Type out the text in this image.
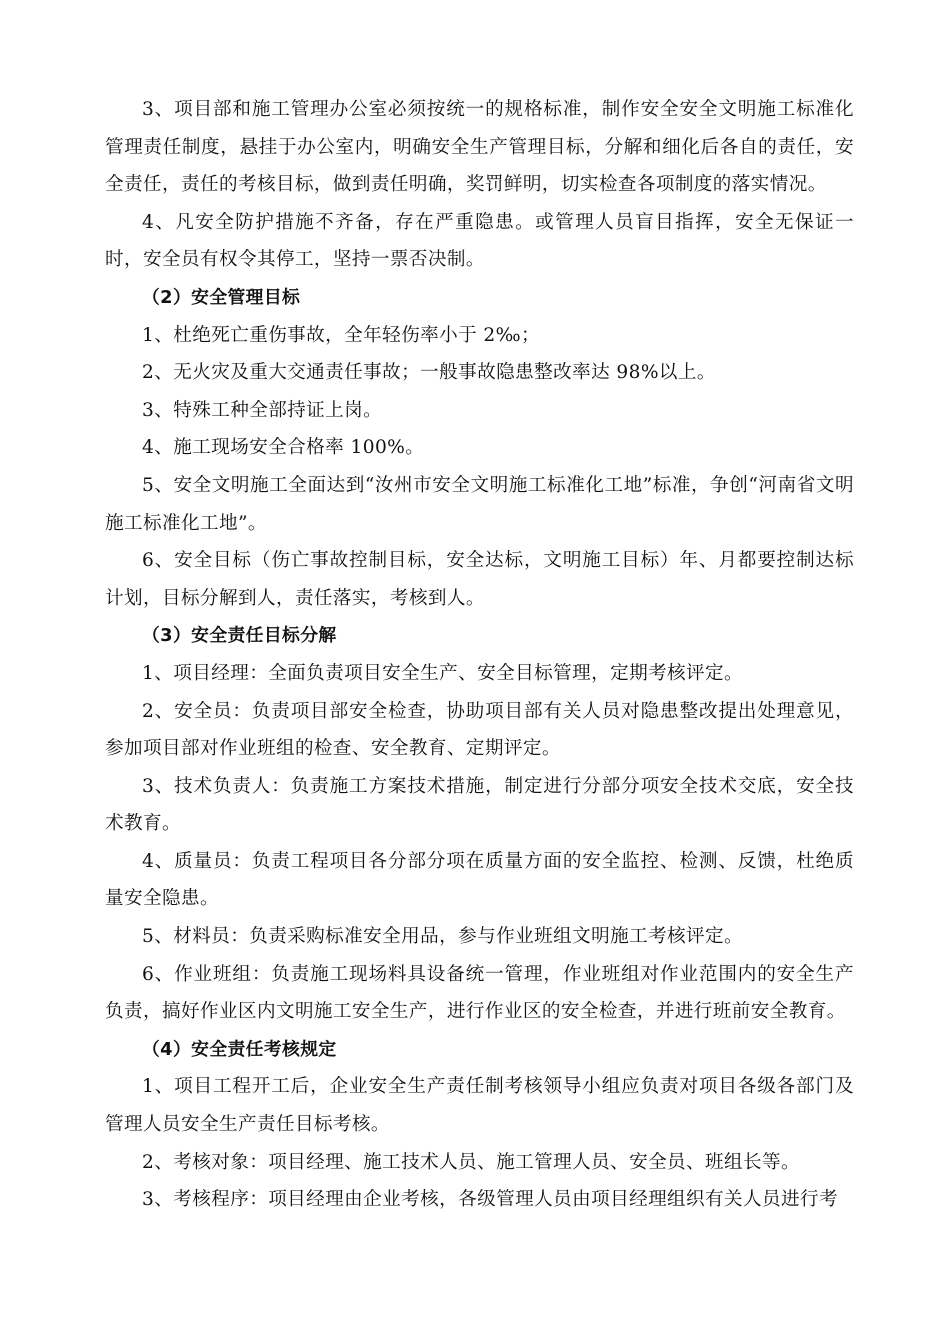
3、项目部和施工管理办公室必须按统一的规格标准，制作安全安全文明施工标准化管理责任制度，悬挂于办公室内，明确安全生产管理目标，分解和细化后各自的责任，安全责任，责任的考核目标，做到责任明确，奖罚鲜明，切实检查各项制度的落实情况。

4、凡安全防护措施不齐备，存在严重隐患。或管理人员盲目指挥，安全无保证一时，安全员有权令其停工，坚持一票否决制。

（2）安全管理目标

1、杜绝死亡重伤事故，全年轻伤率小于 2‰；

2、无火灾及重大交通责任事故；一般事故隐患整改率达 98%以上。

3、特殊工种全部持证上岗。

4、施工现场安全合格率 100%。

5、安全文明施工全面达到“汝州市安全文明施工标准化工地”标准，争创“河南省文明施工标准化工地”。

6、安全目标（伤亡事故控制目标，安全达标，文明施工目标）年、月都要控制达标计划，目标分解到人，责任落实，考核到人。

（3）安全责任目标分解

1、项目经理：全面负责项目安全生产、安全目标管理，定期考核评定。

2、安全员：负责项目部安全检查，协助项目部有关人员对隐患整改提出处理意见，参加项目部对作业班组的检查、安全教育、定期评定。

3、技术负责人：负责施工方案技术措施，制定进行分部分项安全技术交底，安全技术教育。

4、质量员：负责工程项目各分部分项在质量方面的安全监控、检测、反馈，杜绝质量安全隐患。

5、材料员：负责采购标准安全用品，参与作业班组文明施工考核评定。

6、作业班组：负责施工现场料具设备统一管理，作业班组对作业范围内的安全生产负责，搞好作业区内文明施工安全生产，进行作业区的安全检查，并进行班前安全教育。

（4）安全责任考核规定

1、项目工程开工后，企业安全生产责任制考核领导小组应负责对项目各级各部门及管理人员安全生产责任目标考核。

2、考核对象：项目经理、施工技术人员、施工管理人员、安全员、班组长等。

3、考核程序：项目经理由企业考核，各级管理人员由项目经理组织有关人员进行考
